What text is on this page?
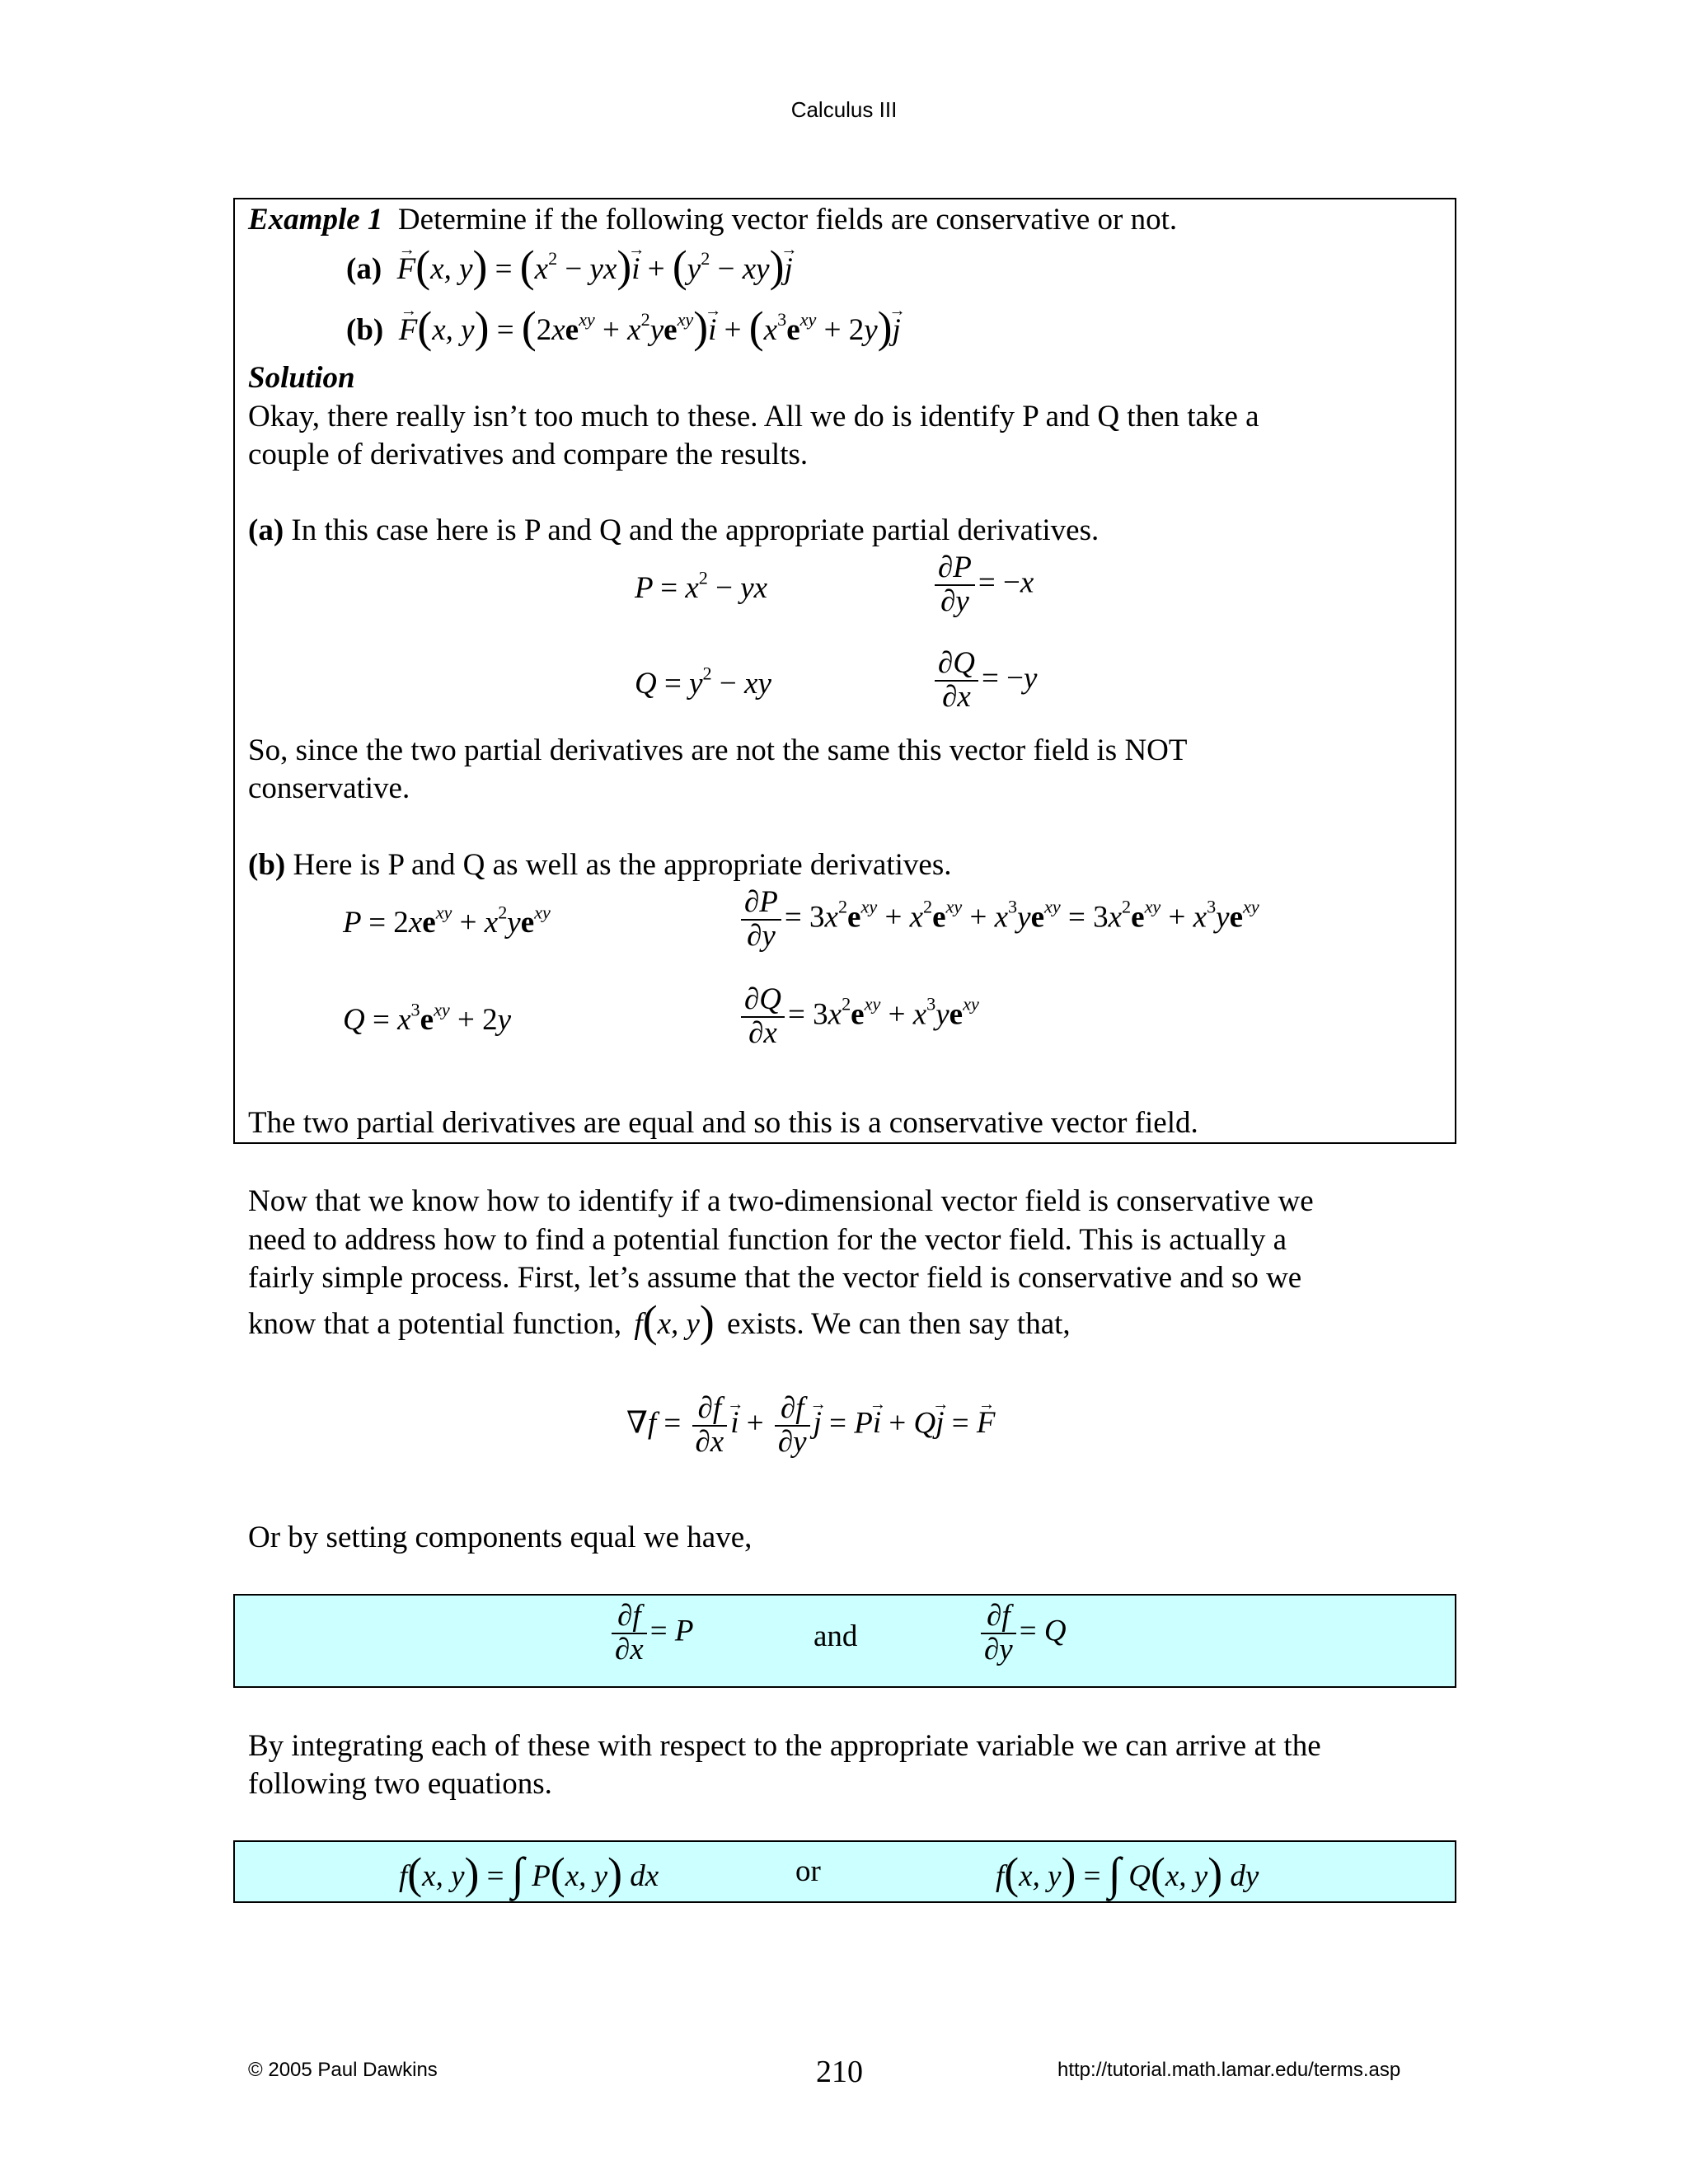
Calculus III
Example 1 Determine if the following vector fields are conservative or not.
(a)  → F(x, $y) = (x^2 - yx)\to i + (y^2 - xy)\to j$
(b)  → F(x, $y) = (2xe^{xy} + x^2ye^{xy})\to i + (x^3e^{xy} + 2y)\to j$
Solution
Okay, there really isn’t too much to these. All we do is identify P and Q then take a
couple of derivatives and compare the results.
(a) In this case here is P and Q and the appropriate partial derivatives.
$P = x^2$ − yx	$\frac{\partial P}{\partial y} = -x$
$Q = y^2$ − xy	$\frac{\partial Q}{\partial x} = -y$
So, since the two partial derivatives are not the same this vector field is NOT
conservative.
(b) Here is P and Q as well as the appropriate derivatives.
$P = 2xe^{xy} + x^2ye^{xy}$	$\frac{\partial P}{\partial y} = 3x^2e^{xy} + x^2e^{xy} + x^3ye^{xy} = 3x^2e^{xy} + x^3ye^{xy}$
$Q = x^3e^{xy} + 2y$	$\frac{\partial Q}{\partial x} = 3x^2e^{xy} + x^3ye^{xy}$
The two partial derivatives are equal and so this is a conservative vector field.
Now that we know how to identify if a two-dimensional vector field is conservative we
need to address how to find a potential function for the vector field. This is actually a
fairly simple process. First, let’s assume that the vector field is conservative and so we
know that a potential function, f(x, y) exists. We can then say that,
$\nabla f = \frac{\partial f}{\partial x}$
→ $i + \frac{\partial f}{\partial y}$
→ j = P→ i + Q→ j = → F
Or by setting components equal we have,
$\frac{\partial f}{\partial x} = P$	and	$\frac{\partial f}{\partial y} = Q$
By integrating each of these with respect to the appropriate variable we can arrive at the
following two equations.
f(x, y) = ∫ P(x, y) dx	or	f(x, y) = ∫ Q(x, y) dy
© 2005 Paul Dawkins	210	http://tutorial.math.lamar.edu/terms.asp
